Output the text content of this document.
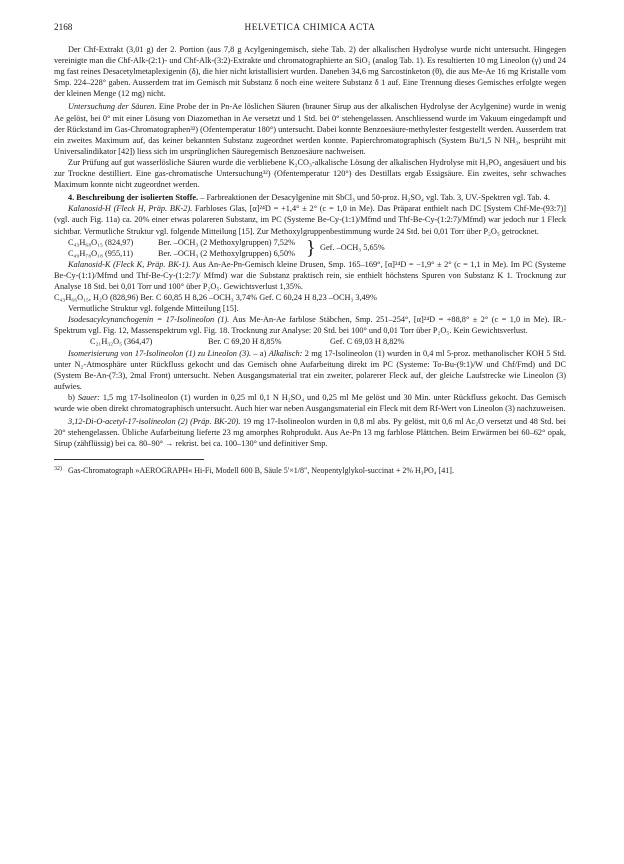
2168	HELVETICA CHIMICA ACTA

Der Chf-Extrakt (3,01 g) der 2. Portion (aus 7,8 g Acylgeningemisch, siehe Tab. 2) der alkalischen Hydrolyse wurde nicht untersucht. Hingegen vereinigte man die Chf-Alk-(2:1)- und Chf-Alk-(3:2)-Extrakte und chromatographierte an SiO₂ (analog Tab. 1). Es resultierten 10 mg Lineolon (γ) und 24 mg fast reines Desacetylmetaplexigenin (δ), die hier nicht kristallisiert wurden. Daneben 34,6 mg Sarcostinketon (θ), die aus Me-Ae 16 mg Kristalle vom Smp. 224–228° gaben. Ausserdem trat im Gemisch mit Substanz δ noch eine weitere Substanz δ 1 auf. Eine Trennung dieses Gemisches erfolgte wegen der kleinen Menge (12 mg) nicht.

Untersuchung der Säuren. Eine Probe der in Pn-Ae löslichen Säuren (brauner Sirup aus der alkalischen Hydrolyse der Acylgenine) wurde in wenig Ae gelöst, bei 0° mit einer Lösung von Diazomethan in Ae versetzt und 1 Std. bei 0° stehengelassen. Anschliessend wurde im Vakuum eingedampft und der Rückstand im Gas-Chromatographen³²) (Ofentemperatur 180°) untersucht. Dabei konnte Benzoesäure-methylester festgestellt werden. Ausserdem trat ein zweites Maximum auf, das keiner bekannten Substanz zugeordnet werden konnte. Papierchromatographisch (System Bu/1,5 N NH₃, besprüht mit Universalindikator [42]) liess sich im ursprünglichen Säuregemisch Benzoesäure nachweisen.

Zur Prüfung auf gut wasserlösliche Säuren wurde die verbliebene K₂CO₃-alkalische Lösung der alkalischen Hydrolyse mit H₃PO₄ angesäuert und bis zur Trockne destilliert. Eine gas-chromatische Untersuchung³²) (Ofentemperatur 120°) des Destillats ergab Essigsäure. Ein zweites, sehr schwaches Maximum konnte nicht zugeordnet werden.

4. Beschreibung der isolierten Stoffe. – Farbreaktionen der Desacylgenine mit SbCl₃ und 50-proz. H₂SO₄ vgl. Tab. 3, UV.-Spektren vgl. Tab. 4.

Kalanosid-H (Fleck H, Präp. BK-2). Farbloses Glas, [α]²⁴D = +1,4° ± 2° (c = 1,0 in Me). Das Präparat enthielt nach DC [System Chf-Me-(93:7)] (vgl. auch Fig. 11a) ca. 20% einer etwas polareren Substanz, im PC (Systeme Be-Cy-(1:1)/Mfmd und Thf-Be-Cy-(1:2:7)/Mfmd) war jedoch nur 1 Fleck sichtbar. Vermutliche Struktur vgl. folgende Mitteilung [15]. Zur Methoxylgruppenbestimmung wurde 24 Std. bei 0,01 Torr über P₂O₅ getrocknet.

C₄₃H₆₈O₁₅ (824,97)	Ber. –OCH₃ (2 Methoxylgruppen) 7,52%
C₄₉H₇₈O₁₈ (955,11)	Ber. –OCH₃ (2 Methoxylgruppen) 6,50% } Gef. –OCH₃ 5,65%

Kalanosid-K (Fleck K, Präp. BK-1). Aus An-Ae-Pn-Gemisch kleine Drusen, Smp. 165–169°, [α]²⁴D = −1,9° ± 2° (c = 1,1 in Me). Im PC (Systeme Be-Cy-(1:1)/Mfmd und Thf-Be-Cy-(1:2:7)/ Mfmd) war die Substanz praktisch rein, sie enthielt höchstens Spuren von Substanz K 1. Trocknung zur Analyse 18 Std. bei 0,01 Torr und 100° über P₂O₅. Gewichtsverlust 1,35%.

C₄₃H₆₆O₁₅, H₂O (828,96) Ber. C 60,85 H 8,26 –OCH₃ 3,74% Gef. C 60,24 H 8,23 –OCH₃ 3,49%
Vermutliche Struktur vgl. folgende Mitteilung [15].

Isodesacylcynanchogenin = 17-Isolineolon (1). Aus Me-An-Ae farblose Stäbchen, Smp. 251–254°, [α]²⁴D = +88,8° ± 2° (c = 1,0 in Me). IR.-Spektrum vgl. Fig. 12, Massenspektrum vgl. Fig. 18. Trocknung zur Analyse: 20 Std. bei 100° und 0,01 Torr über P₂O₅. Kein Gewichtsverlust.

C₂₁H₃₂O₅ (364,47)	Ber. C 69,20 H 8,85%	Gef. C 69,03 H 8,82%

Isomerisierung von 17-Isolineolon (1) zu Lineolon (3). – a) Alkalisch: 2 mg 17-Isolineolon (1) wurden in 0,4 ml 5-proz. methanolischer KOH 5 Std. unter N₂-Atmosphäre unter Rückfluss gekocht und das Gemisch ohne Aufarbeitung direkt im PC (Systeme: To-Bu-(9:1)/W und Chf/Fmd) und DC (System Be-An-(7:3), 2mal Front) untersucht. Neben Ausgangsmaterial trat ein zweiter, polarerer Fleck auf, der gleiche Laufstrecke wie Lineolon (3) aufwies.

b) Sauer: 1,5 mg 17-Isolineolon (1) wurden in 0,25 ml 0,1 N H₂SO₄ und 0,25 ml Me gelöst und 30 Min. unter Rückfluss gekocht. Das Gemisch wurde wie oben direkt chromatographisch untersucht. Auch hier war neben Ausgangsmaterial ein Fleck mit dem Rf-Wert von Lineolon (3) nachzuweisen.

3,12-Di-O-acetyl-17-isolineolon (2) (Präp. BK-20). 19 mg 17-Isolineolon wurden in 0,8 ml abs. Py gelöst, mit 0,6 ml Ac₂O versetzt und 48 Std. bei 20° stehengelassen. Übliche Aufarbeitung lieferte 23 mg amorphes Rohprodukt. Aus Ae-Pn 13 mg farblose Plättchen. Beim Erwärmen bei 60–62° opak, Sirup (zähflüssig) bei ca. 80–90° → rekrist. bei ca. 100–130° und definitiver Smp.

32) Gas-Chromatograph »AEROGRAPH« Hi-Fi, Modell 600 B, Säule 5'×1/8", Neopentylglykol-succinat + 2% H₃PO₄ [41].
